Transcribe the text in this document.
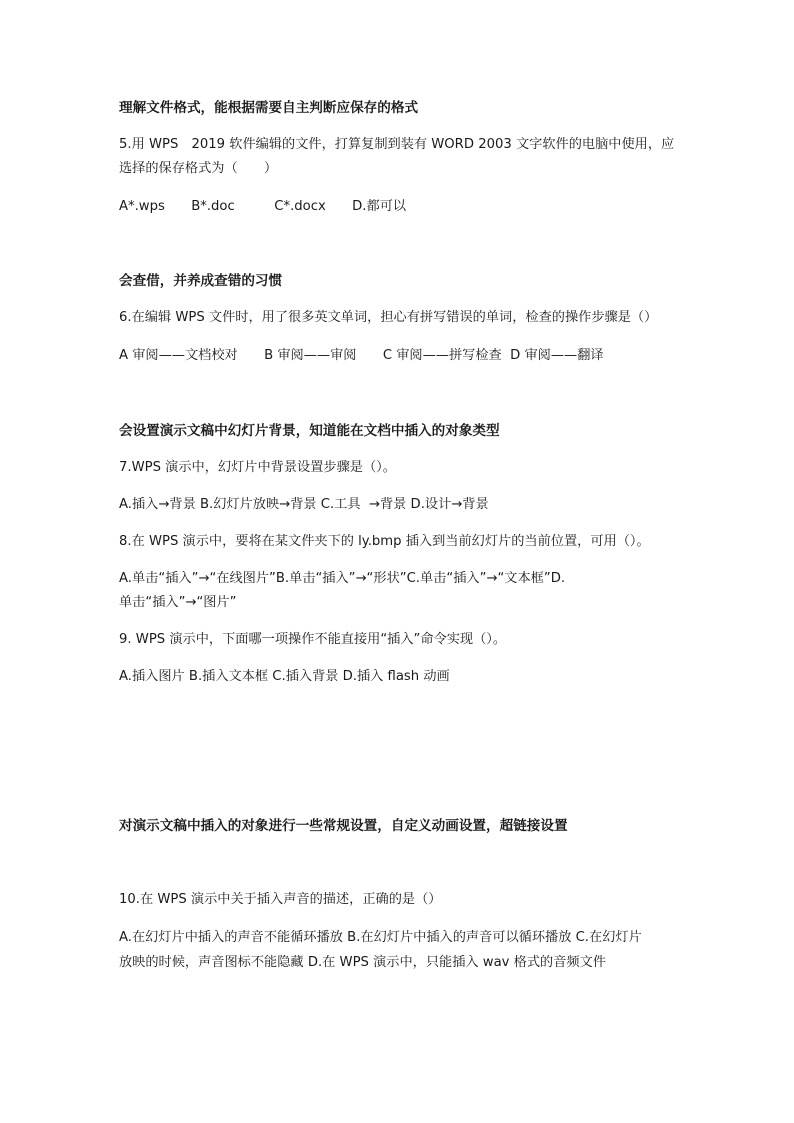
理解文件格式，能根据需要自主判断应保存的格式
5.用 WPS　2019 软件编辑的文件，打算复制到装有 WORD 2003 文字软件的电脑中使用，应
选择的保存格式为（　　）
A*.wps　　B*.doc　　　C*.docx　　D.都可以
会查借，并养成查错的习惯
6.在编辑 WPS 文件时，用了很多英文单词，担心有拼写错误的单词，检查的操作步骤是（）
A 审阅——文档校对　　B 审阅——审阅　　C 审阅——拼写检查  D 审阅——翻译
会设置演示文稿中幻灯片背景，知道能在文档中插入的对象类型
7.WPS 演示中，幻灯片中背景设置步骤是（）。
A.插入→背景 B.幻灯片放映→背景 C.工具  →背景 D.设计→背景
8.在 WPS 演示中，要将在某文件夹下的 ly.bmp 插入到当前幻灯片的当前位置，可用（）。
A.单击“插入”→“在线图片”B.单击“插入”→“形状”C.单击“插入”→“文本框”D.
单击“插入”→“图片”
9. WPS 演示中，下面哪一项操作不能直接用“插入”命令实现（）。
A.插入图片 B.插入文本框 C.插入背景 D.插入 flash 动画
对演示文稿中插入的对象进行一些常规设置，自定义动画设置，超链接设置
10.在 WPS 演示中关于插入声音的描述，正确的是（）
A.在幻灯片中插入的声音不能循环播放 B.在幻灯片中插入的声音可以循环播放 C.在幻灯片
放映的时候，声音图标不能隐藏 D.在 WPS 演示中，只能插入 wav 格式的音频文件
